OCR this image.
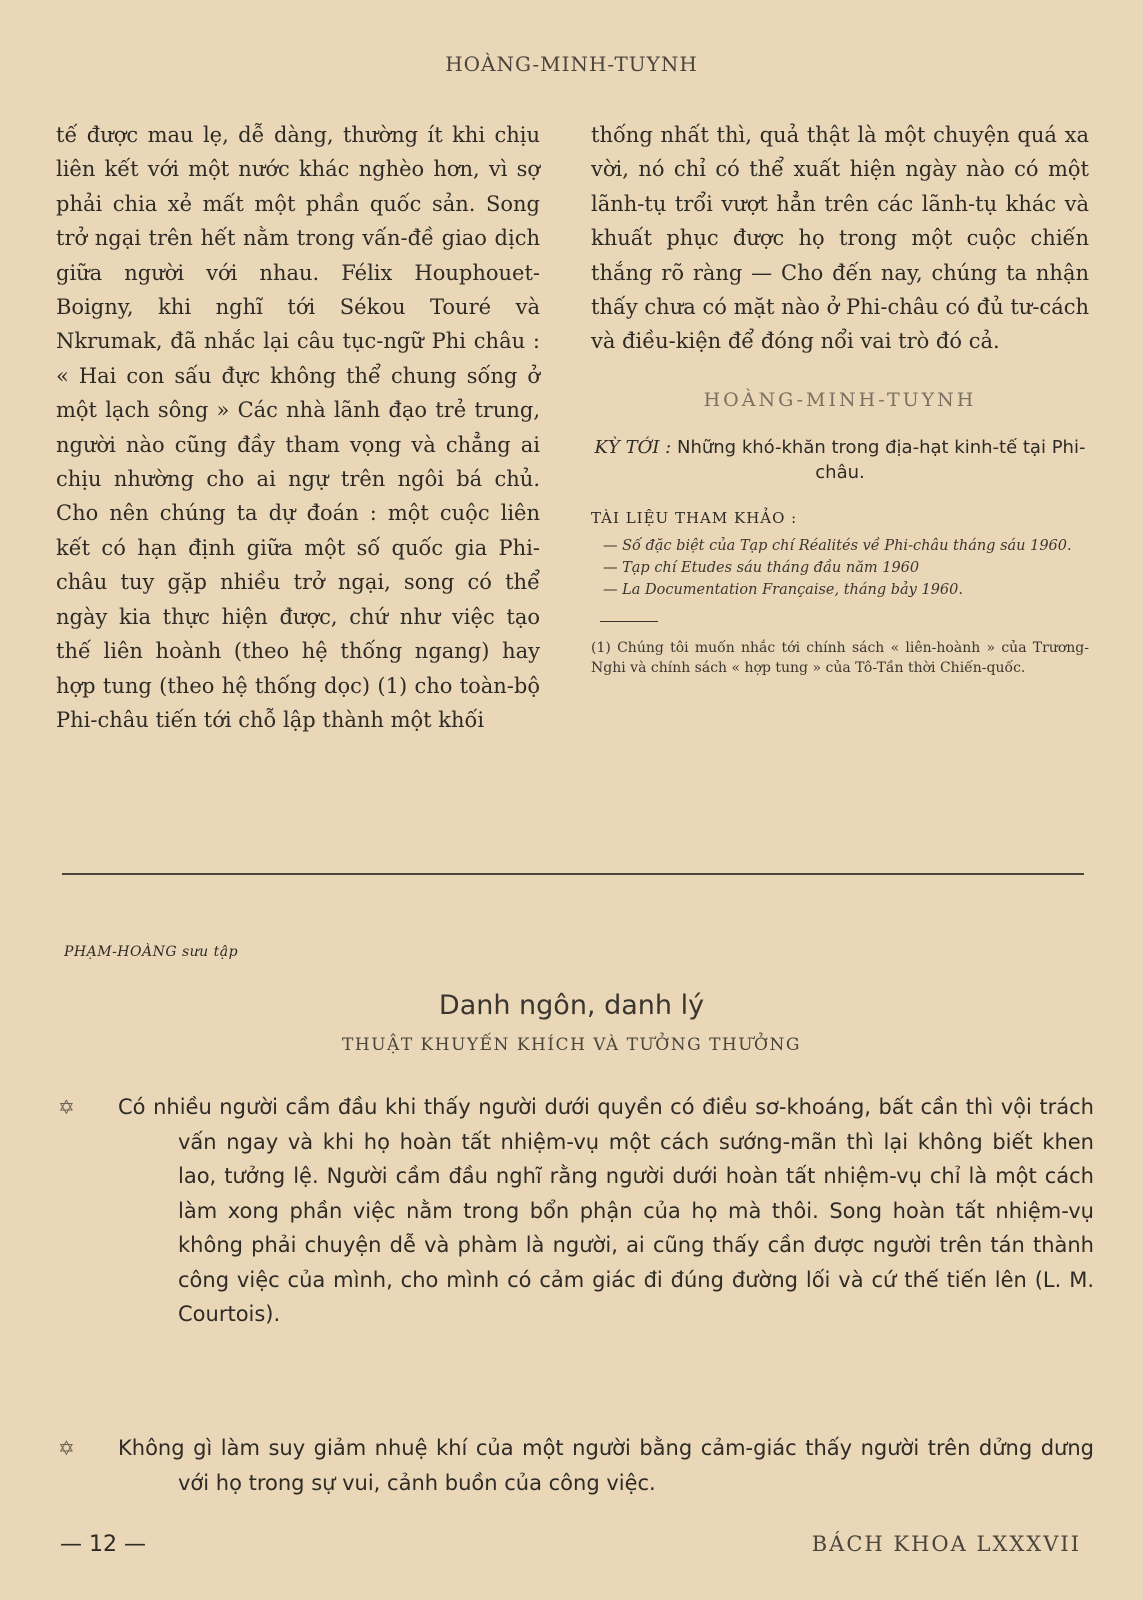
HOÀNG-MINH-TUYNH

tế được mau lẹ, dễ dàng, thường ít khi chịu liên kết với một nước khác nghèo hơn, vì sợ phải chia xẻ mất một phần quốc sản. Song trở ngại trên hết nằm trong vấn-đề giao dịch giữa người với nhau. Félix Houphouet-Boigny, khi nghĩ tới Sékou Touré và Nkrumak, đã nhắc lại câu tục-ngữ Phi châu : « Hai con sấu đực không thể chung sống ở một lạch sông » Các nhà lãnh đạo trẻ trung, người nào cũng đầy tham vọng và chẳng ai chịu nhường cho ai ngự trên ngôi bá chủ. Cho nên chúng ta dự đoán : một cuộc liên kết có hạn định giữa một số quốc gia Phi-châu tuy gặp nhiều trở ngại, song có thể ngày kia thực hiện được, chứ như việc tạo thế liên hoành (theo hệ thống ngang) hay hợp tung (theo hệ thống dọc) (1) cho toàn-bộ Phi-châu tiến tới chỗ lập thành một khối

thống nhất thì, quả thật là một chuyện quá xa vời, nó chỉ có thể xuất hiện ngày nào có một lãnh-tụ trổi vượt hẳn trên các lãnh-tụ khác và khuất phục được họ trong một cuộc chiến thắng rõ ràng — Cho đến nay, chúng ta nhận thấy chưa có mặt nào ở Phi-châu có đủ tư-cách và điều-kiện để đóng nổi vai trò đó cả.

HOÀNG-MINH-TUYNH
KỲ TỚI : Những khó-khăn trong địa-hạt kinh-tế tại Phi-châu.
TÀI LIỆU THAM KHẢO :
— Số đặc biệt của Tạp chí Réalités về Phi-châu tháng sáu 1960.
— Tạp chí Etudes sáu tháng đầu năm 1960
— La Documentation Française, tháng bảy 1960.
(1) Chúng tôi muốn nhắc tới chính sách « liên-hoành » của Trương-Nghi và chính sách « hợp tung » của Tô-Tần thời Chiến-quốc.
PHẠM-HOÀNG sưu tập
Danh ngôn, danh lý
THUẬT KHUYẾN KHÍCH VÀ TƯỞNG THƯỞNG
✡ Có nhiều người cầm đầu khi thấy người dưới quyền có điều sơ-khoáng, bất cần thì vội trách vấn ngay và khi họ hoàn tất nhiệm-vụ một cách sướng-mãn thì lại không biết khen lao, tưởng lệ. Người cầm đầu nghĩ rằng người dưới hoàn tất nhiệm-vụ chỉ là một cách làm xong phần việc nằm trong bổn phận của họ mà thôi. Song hoàn tất nhiệm-vụ không phải chuyện dễ và phàm là người, ai cũng thấy cần được người trên tán thành công việc của mình, cho mình có cảm giác đi đúng đường lối và cứ thế tiến lên (L. M. Courtois).

✡ Không gì làm suy giảm nhuệ khí của một người bằng cảm-giác thấy người trên dửng dưng với họ trong sự vui, cảnh buồn của công việc.

— 12 —	BÁCH KHOA LXXXVII
